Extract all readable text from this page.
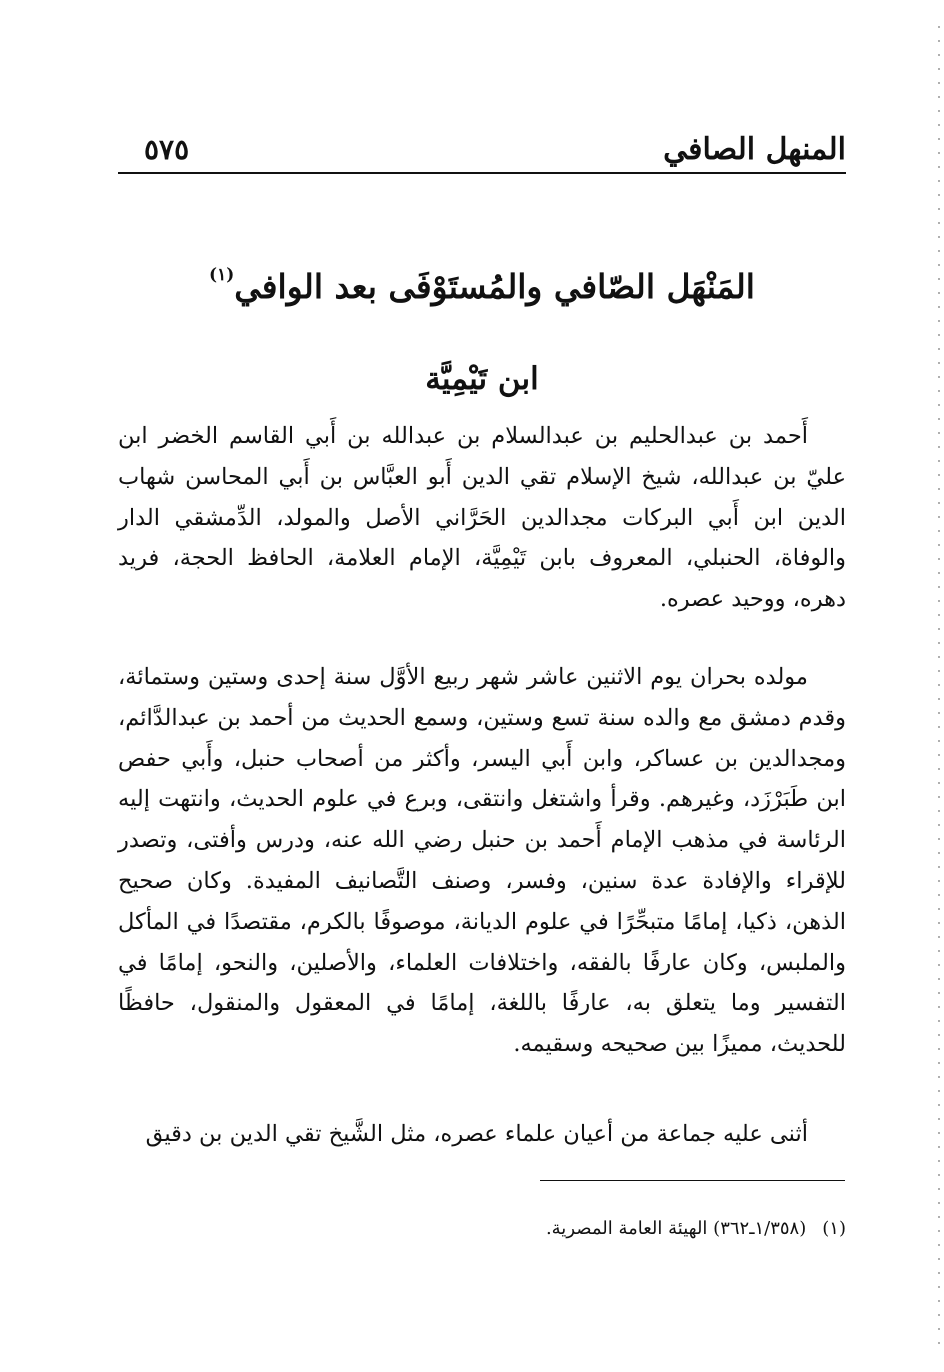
المنهل الصافي
٥٧٥
المَنْهَل الصّافي والمُستَوْفَى بعد الوافي$^{(١)}$
ابن تَيْمِيَّة

أَحمد بن عبدالحليم بن عبدالسلام بن عبدالله بن أَبي القاسم الخضر ابن عليّ بن عبدالله، شيخ الإسلام تقي الدين أَبو العبَّاس بن أَبي المحاسن شهاب الدين ابن أَبي البركات مجدالدين الحَرَّاني الأصل والمولد، الدِّمشقي الدار والوفاة، الحنبلي، المعروف بابن تَيْمِيَّة، الإمام العلامة، الحافظ الحجة، فريد دهره، ووحيد عصره.

مولده بحران يوم الاثنين عاشر شهر ربيع الأوَّل سنة إحدى وستين وستمائة، وقدم دمشق مع والده سنة تسع وستين، وسمع الحديث من أحمد بن عبدالدَّائم، ومجدالدين بن عساكر، وابن أَبي اليسر، وأكثر من أصحاب حنبل، وأَبي حفص ابن طَبَرْزَد، وغيرهم. وقرأ واشتغل وانتقى، وبرع في علوم الحديث، وانتهت إليه الرئاسة في مذهب الإمام أَحمد بن حنبل رضي الله عنه، ودرس وأفتى، وتصدر للإقراء والإفادة عدة سنين، وفسر، وصنف التَّصانيف المفيدة. وكان صحيح الذهن، ذكيا، إمامًا متبحِّرًا في علوم الديانة، موصوفًا بالكرم، مقتصدًا في المأكل والملبس، وكان عارفًا بالفقه، واختلافات العلماء، والأصلين، والنحو، إمامًا في التفسير وما يتعلق به، عارفًا باللغة، إمامًا في المعقول والمنقول، حافظًا للحديث، مميزًا بين صحيحه وسقيمه.

أثنى عليه جماعة من أعيان علماء عصره، مثل الشَّيخ تقي الدين بن دقيق

(١)(١/٣٥٨ـ٣٦٢) الهيئة العامة المصرية.
